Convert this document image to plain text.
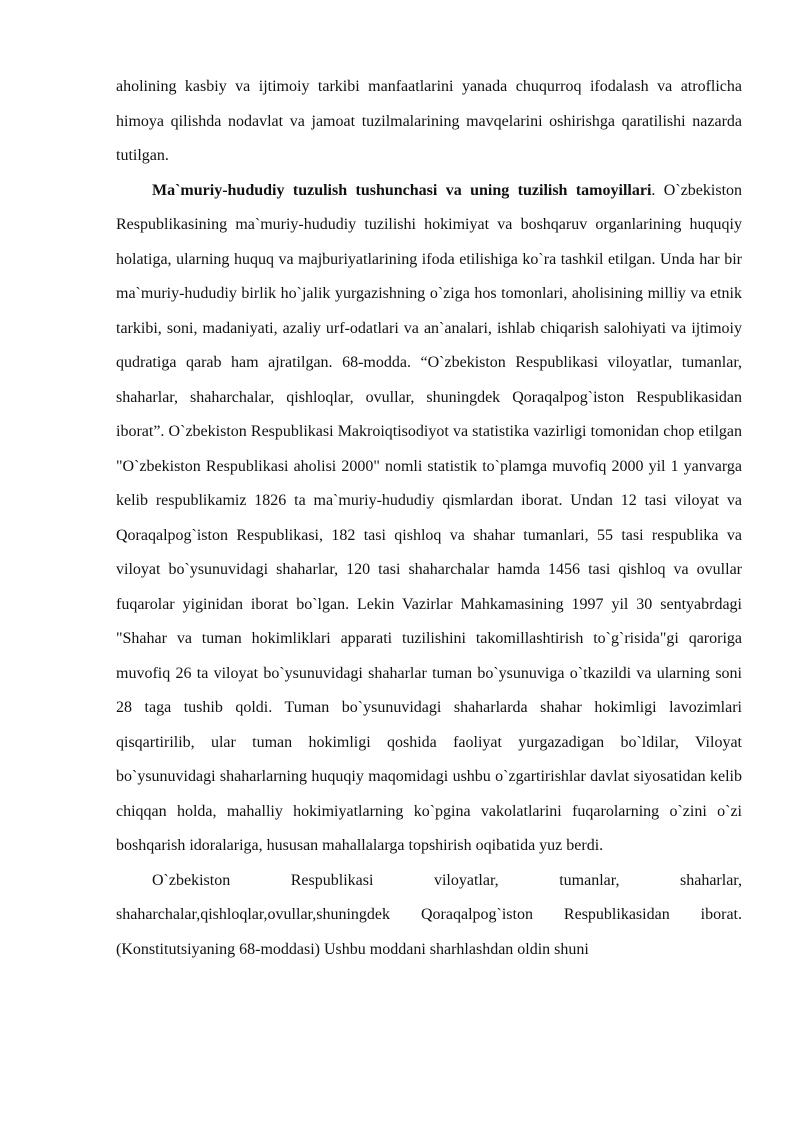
aholining kasbiy va ijtimoiy tarkibi manfaatlarini yanada chuqurroq ifodalash va atroflicha himoya qilishda nodavlat va jamoat tuzilmalarining mavqelarini oshirishga qaratilishi nazarda tutilgan.

Ma`muriy-hududiy tuzulish tushunchasi va uning tuzilish tamoyillari. O`zbekiston Respublikasining ma`muriy-hududiy tuzilishi hokimiyat va boshqaruv organlarining huquqiy holatiga, ularning huquq va majburiyatlarining ifoda etilishiga ko`ra tashkil etilgan. Unda har bir ma`muriy-hududiy birlik ho`jalik yurgazishning o`ziga hos tomonlari, aholisining milliy va etnik tarkibi, soni, madaniyati, azaliy urf-odatlari va an`analari, ishlab chiqarish salohiyati va ijtimoiy qudratiga qarab ham ajratilgan. 68-modda. “O`zbekiston Respublikasi viloyatlar, tumanlar, shaharlar, shaharchalar, qishloqlar, ovullar, shuningdek Qoraqalpog`iston Respublikasidan iborat”. O`zbekiston Respublikasi Makroiqtisodiyot va statistika vazirligi tomonidan chop etilgan "O`zbekiston Respublikasi aholisi 2000" nomli statistik to`plamga muvofiq 2000 yil 1 yanvarga kelib respublikamiz 1826 ta ma`muriy-hududiy qismlardan iborat. Undan 12 tasi viloyat va Qoraqalpog`iston Respublikasi, 182 tasi qishloq va shahar tumanlari, 55 tasi respublika va viloyat bo`ysunuvidagi shaharlar, 120 tasi shaharchalar hamda 1456 tasi qishloq va ovullar fuqarolar yiginidan iborat bo`lgan. Lekin Vazirlar Mahkamasining 1997 yil 30 sentyabrdagi "Shahar va tuman hokimliklari apparati tuzilishini takomillashtirish to`g`risida"gi qaroriga muvofiq 26 ta viloyat bo`ysunuvidagi shaharlar tuman bo`ysunuviga o`tkazildi va ularning soni 28 taga tushib qoldi. Tuman bo`ysunuvidagi shaharlarda shahar hokimligi lavozimlari qisqartirilib, ular tuman hokimligi qoshida faoliyat yurgazadigan bo`ldilar, Viloyat bo`ysunuvidagi shaharlarning huquqiy maqomidagi ushbu o`zgartirishlar davlat siyosatidan kelib chiqqan holda, mahalliy hokimiyatlarning ko`pgina vakolatlarini fuqarolarning o`zini o`zi boshqarish idoralariga, hususan mahallalarga topshirish oqibatida yuz berdi.

O`zbekiston Respublikasi viloyatlar, tumanlar, shaharlar, shaharchalar,qishloqlar,ovullar,shuningdek Qoraqalpog`iston Respublikasidan iborat.(Konstitutsiyaning 68-moddasi) Ushbu moddani sharhlashdan oldin shuni
